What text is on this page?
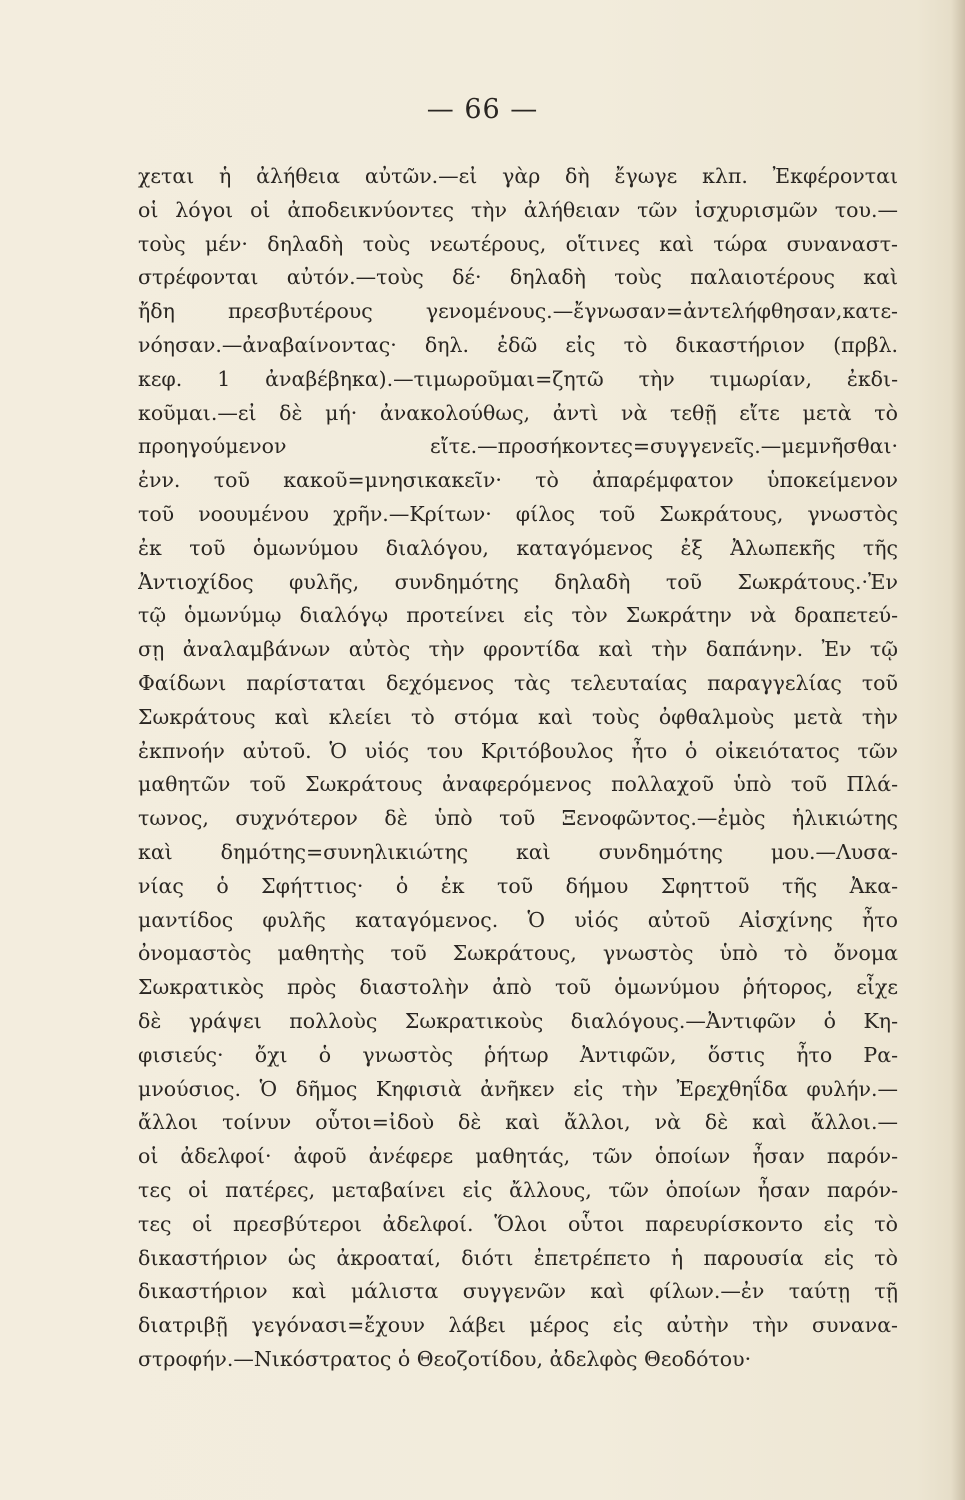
— 66 —
χεται ἡ ἀλήθεια αὐτῶν.—εἰ γὰρ δὴ ἔγωγε κλπ. Ἐκφέρονται
οἱ λόγοι οἱ ἀποδεικνύοντες τὴν ἀλήθειαν τῶν ἰσχυρισμῶν του.—
τοὺς μέν· δηλαδὴ τοὺς νεωτέρους, οἵτινες καὶ τώρα συναναστ-
στρέφονται αὐτόν.—τοὺς δέ· δηλαδὴ τοὺς παλαιοτέρους καὶ
ἤδη πρεσβυτέρους γενομένους.—ἔγνωσαν=ἀντελήφθησαν,κατε-
νόησαν.—ἀναβαίνοντας· δηλ. ἐδῶ εἰς τὸ δικαστήριον (πρβλ.
κεφ. 1 ἀναβέβηκα).—τιμωροῦμαι=ζητῶ τὴν τιμωρίαν, ἐκδι-
κοῦμαι.—εἰ δὲ μή· ἀνακολούθως, ἀντὶ νὰ τεθῇ εἴτε μετὰ τὸ
προηγούμενον εἴτε.—προσήκοντες=συγγενεῖς.—μεμνῆσθαι·
ἐνν. τοῦ κακοῦ=μνησικακεῖν· τὸ ἀπαρέμφατον ὑποκείμενον
τοῦ νοουμένου χρῆν.—Κρίτων· φίλος τοῦ Σωκράτους, γνωστὸς
ἐκ τοῦ ὁμωνύμου διαλόγου, καταγόμενος ἐξ Ἀλωπεκῆς τῆς
Ἀντιοχίδος φυλῆς, συνδημότης δηλαδὴ τοῦ Σωκράτους.·Ἐν
τῷ ὁμωνύμῳ διαλόγῳ προτείνει εἰς τὸν Σωκράτην νὰ δραπετεύ-
σῃ ἀναλαμβάνων αὐτὸς τὴν φροντίδα καὶ τὴν δαπάνην. Ἐν τῷ
Φαίδωνι παρίσταται δεχόμενος τὰς τελευταίας παραγγελίας τοῦ
Σωκράτους καὶ κλείει τὸ στόμα καὶ τοὺς ὀφθαλμοὺς μετὰ τὴν
ἐκπνοήν αὐτοῦ. Ὁ υἱός του Κριτόβουλος ἦτο ὁ οἰκειότατος τῶν
μαθητῶν τοῦ Σωκράτους ἀναφερόμενος πολλαχοῦ ὑπὸ τοῦ Πλά-
τωνος, συχνότερον δὲ ὑπὸ τοῦ Ξενοφῶντος.—ἐμὸς ἡλικιώτης
καὶ δημότης=συνηλικιώτης καὶ συνδημότης μου.—Λυσα-
νίας ὁ Σφήττιος· ὁ ἐκ τοῦ δήμου Σφηττοῦ τῆς Ἀκα-
μαντίδος φυλῆς καταγόμενος. Ὁ υἱός αὐτοῦ Αἰσχίνης ἦτο
ὀνομαστὸς μαθητὴς τοῦ Σωκράτους, γνωστὸς ὑπὸ τὸ ὄνομα
Σωκρατικὸς πρὸς διαστολὴν ἀπὸ τοῦ ὁμωνύμου ῥήτορος, εἶχε
δὲ γράψει πολλοὺς Σωκρατικοὺς διαλόγους.—Ἀντιφῶν ὁ Κη-
φισιεύς· ὄχι ὁ γνωστὸς ῥήτωρ Ἀντιφῶν, ὅστις ἦτο Ρα-
μνούσιος. Ὁ δῆμος Κηφισιὰ ἀνῆκεν εἰς τὴν Ἐρεχθηΐδα φυλήν.—
ἄλλοι τοίνυν οὗτοι=ἰδοὺ δὲ καὶ ἄλλοι, νὰ δὲ καὶ ἄλλοι.—
οἱ ἀδελφοί· ἀφοῦ ἀνέφερε μαθητάς, τῶν ὁποίων ἦσαν παρόν-
τες οἱ πατέρες, μεταβαίνει εἰς ἄλλους, τῶν ὁποίων ἦσαν παρόν-
τες οἱ πρεσβύτεροι ἀδελφοί. Ὅλοι οὗτοι παρευρίσκοντο εἰς τὸ
δικαστήριον ὡς ἀκροαταί, διότι ἐπετρέπετο ἡ παρουσία εἰς τὸ
δικαστήριον καὶ μάλιστα συγγενῶν καὶ φίλων.—ἐν ταύτῃ τῇ
διατριβῇ γεγόνασι=ἔχουν λάβει μέρος εἰς αὐτὴν τὴν συνανα-
στροφήν.—Νικόστρατος ὁ Θεοζοτίδου, ἀδελφὸς Θεοδότου·
